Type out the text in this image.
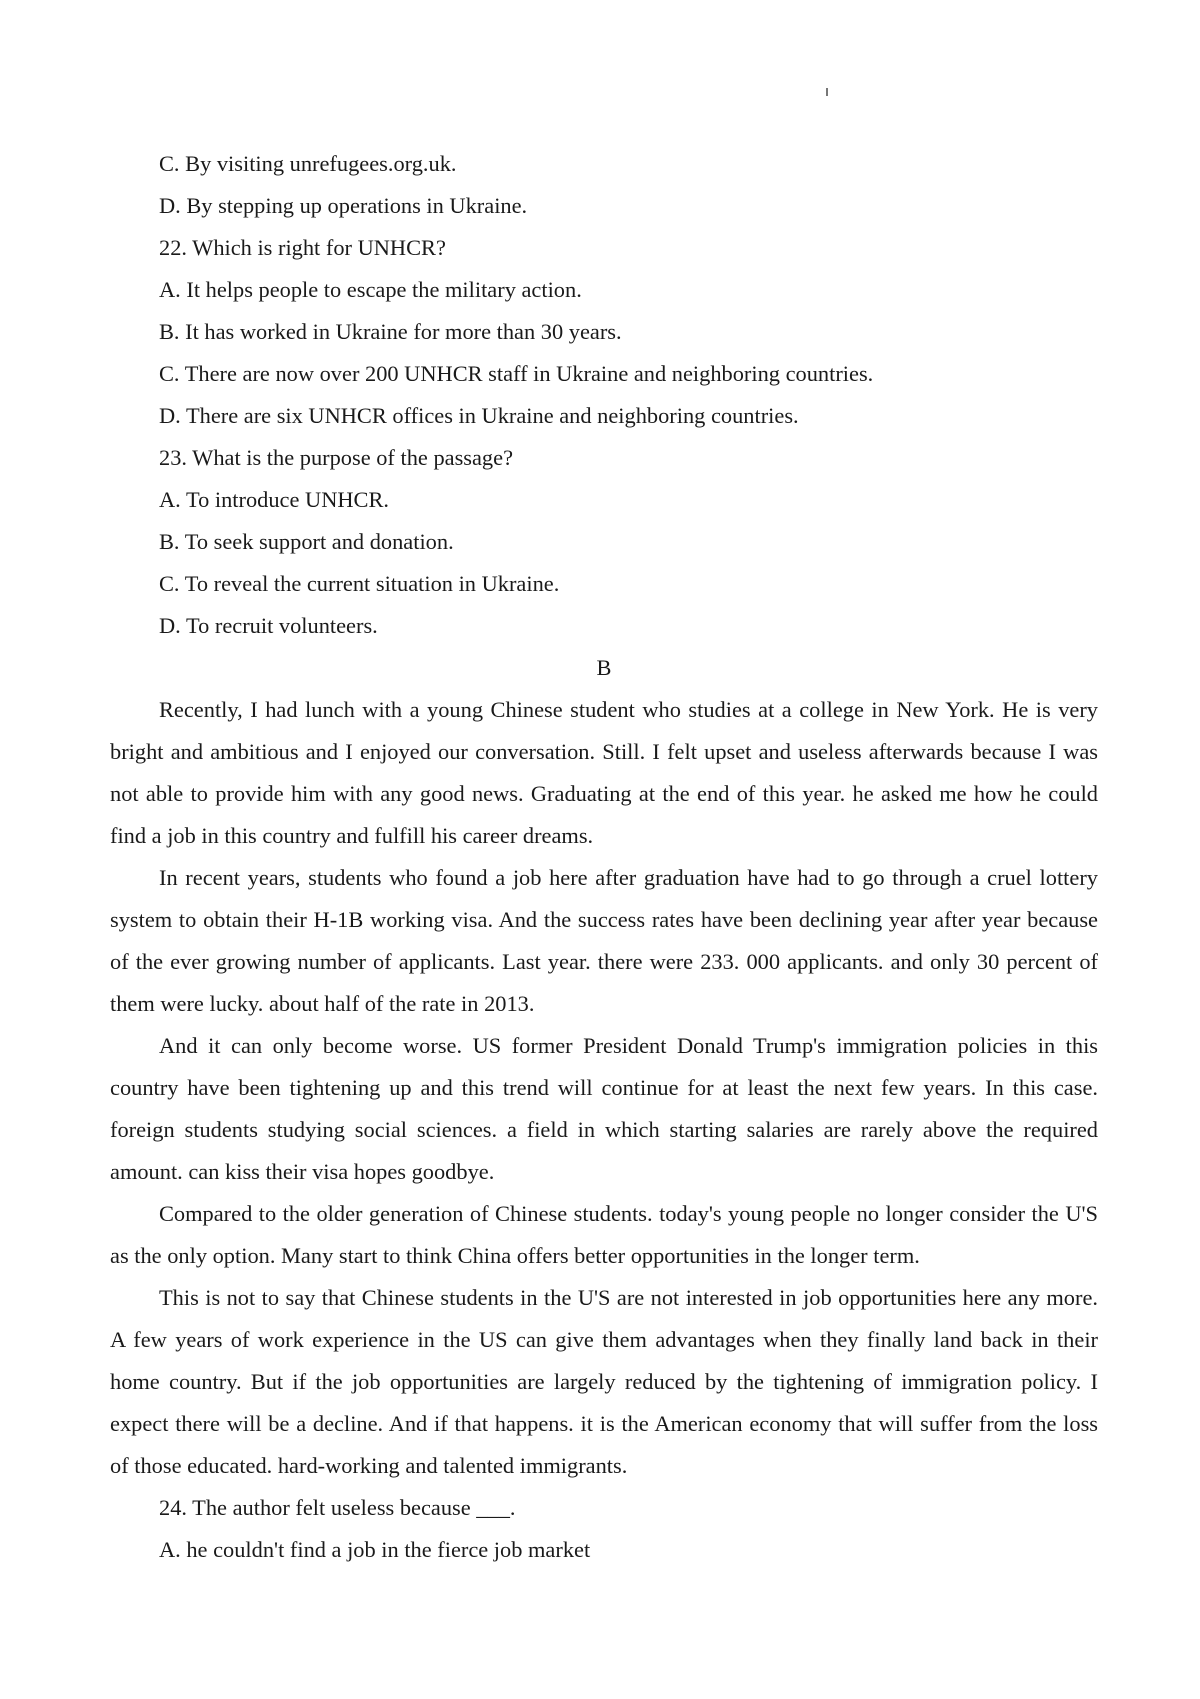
C. By visiting unrefugees.org.uk.

D. By stepping up operations in Ukraine.

22. Which is right for UNHCR?

A. It helps people to escape the military action.

B. It has worked in Ukraine for more than 30 years.

C. There are now over 200 UNHCR staff in Ukraine and neighboring countries.

D. There are six UNHCR offices in Ukraine and neighboring countries.

23. What is the purpose of the passage?

A. To introduce UNHCR.

B. To seek support and donation.

C. To reveal the current situation in Ukraine.

D. To recruit volunteers.

B

Recently, I had lunch with a young Chinese student who studies at a college in New York. He is very bright and ambitious and I enjoyed our conversation. Still. I felt upset and useless afterwards because I was not able to provide him with any good news. Graduating at the end of this year. he asked me how he could find a job in this country and fulfill his career dreams.

In recent years, students who found a job here after graduation have had to go through a cruel lottery system to obtain their H-1B working visa. And the success rates have been declining year after year because of the ever growing number of applicants. Last year. there were 233. 000 applicants. and only 30 percent of them were lucky. about half of the rate in 2013.

And it can only become worse. US former President Donald Trump's immigration policies in this country have been tightening up and this trend will continue for at least the next few years. In this case. foreign students studying social sciences. a field in which starting salaries are rarely above the required amount. can kiss their visa hopes goodbye.

Compared to the older generation of Chinese students. today's young people no longer consider the U'S as the only option. Many start to think China offers better opportunities in the longer term.

This is not to say that Chinese students in the U'S are not interested in job opportunities here any more. A few years of work experience in the US can give them advantages when they finally land back in their home country. But if the job opportunities are largely reduced by the tightening of immigration policy. I expect there will be a decline. And if that happens. it is the American economy that will suffer from the loss of those educated. hard-working and talented immigrants.

24. The author felt useless because ___.

A. he couldn't find a job in the fierce job market
